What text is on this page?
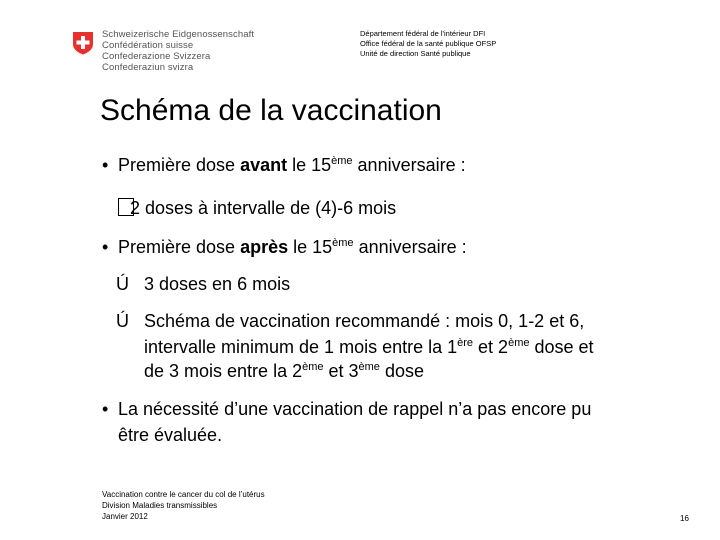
Schweizerische Eidgenossenschaft
Confédération suisse
Confederazione Svizzera
Confederaziun svizra
Département fédéral de l'intérieur DFI
Office fédéral de la santé publique OFSP
Unité de direction Santé publique
Schéma de la vaccination
• Première dose avant le 15ème anniversaire :
2 doses à intervalle de (4)-6 mois
• Première dose après le 15ème anniversaire :
Ú 3 doses en 6 mois
Ú Schéma de vaccination recommandé : mois 0, 1-2 et 6,
intervalle minimum de 1 mois entre la 1ère et 2ème dose et
de 3 mois entre la 2ème et 3ème dose
• La nécessité d’une vaccination de rappel n’a pas encore pu
être évaluée.
Vaccination contre le cancer du col de l’utérus
Division Maladies transmissibles
Janvier 2012	16
